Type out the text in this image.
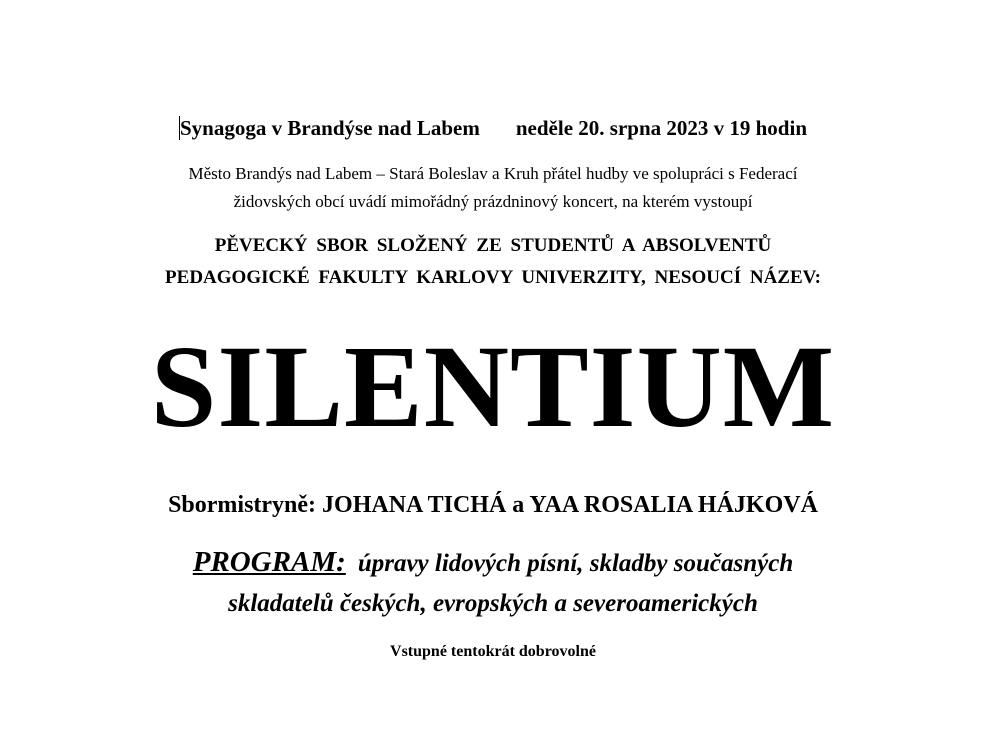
Synagoga v Brandýse nad Labem neděle 20. srpna 2023 v 19 hodin
Město Brandýs nad Labem – Stará Boleslav a Kruh přátel hudby ve spolupráci s Federací
židovských obcí uvádí mimořádný prázdninový koncert, na kterém vystoupí
PĚVECKÝ SBOR SLOŽENÝ ZE STUDENTŮ A ABSOLVENTŮ
PEDAGOGICKÉ FAKULTY KARLOVY UNIVERZITY, NESOUCÍ NÁZEV:
SILENTIUM
Sbormistryně: JOHANA TICHÁ a YAA ROSALIA HÁJKOVÁ
PROGRAM: úpravy lidových písní, skladby současných
skladatelů českých, evropských a severoamerických
Vstupné tentokrát dobrovolné
